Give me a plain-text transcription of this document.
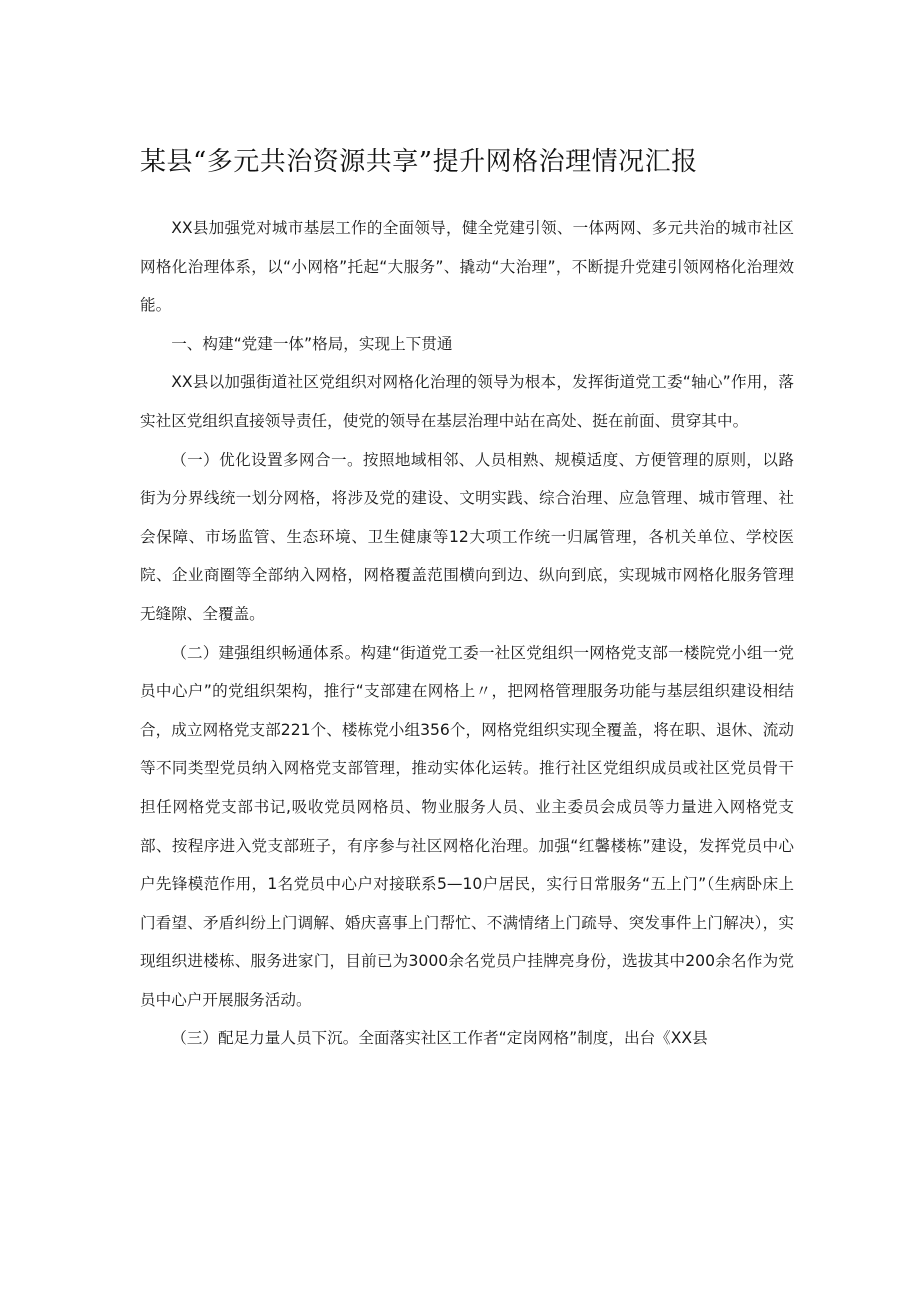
某县“多元共治资源共享”提升网格治理情况汇报

XX县加强党对城市基层工作的全面领导，健全党建引领、一体两网、多元共治的城市社区网格化治理体系，以“小网格”托起“大服务”、撬动“大治理”，不断提升党建引领网格化治理效能。

一、构建“党建一体”格局，实现上下贯通

XX县以加强街道社区党组织对网格化治理的领导为根本，发挥街道党工委“轴心”作用，落实社区党组织直接领导责任，使党的领导在基层治理中站在高处、挺在前面、贯穿其中。

（一）优化设置多网合一。按照地域相邻、人员相熟、规模适度、方便管理的原则，以路街为分界线统一划分网格，将涉及党的建设、文明实践、综合治理、应急管理、城市管理、社会保障、市场监管、生态环境、卫生健康等12大项工作统一归属管理，各机关单位、学校医院、企业商圈等全部纳入网格，网格覆盖范围横向到边、纵向到底，实现城市网格化服务管理无缝隙、全覆盖。

（二）建强组织畅通体系。构建“街道党工委一社区党组织一网格党支部一楼院党小组一党员中心户”的党组织架构，推行“支部建在网格上〃，把网格管理服务功能与基层组织建设相结合，成立网格党支部221个、楼栋党小组356个，网格党组织实现全覆盖，将在职、退休、流动等不同类型党员纳入网格党支部管理，推动实体化运转。推行社区党组织成员或社区党员骨干担任网格党支部书记,吸收党员网格员、物业服务人员、业主委员会成员等力量进入网格党支部、按程序进入党支部班子，有序参与社区网格化治理。加强“红馨楼栋”建设，发挥党员中心户先锋模范作用，1名党员中心户对接联系5—10户居民，实行日常服务“五上门”（生病卧床上门看望、矛盾纠纷上门调解、婚庆喜事上门帮忙、不满情绪上门疏导、突发事件上门解决），实现组织进楼栋、服务进家门，目前已为3000余名党员户挂牌亮身份，选拔其中200余名作为党员中心户开展服务活动。

（三）配足力量人员下沉。全面落实社区工作者“定岗网格”制度，出台《XX县
